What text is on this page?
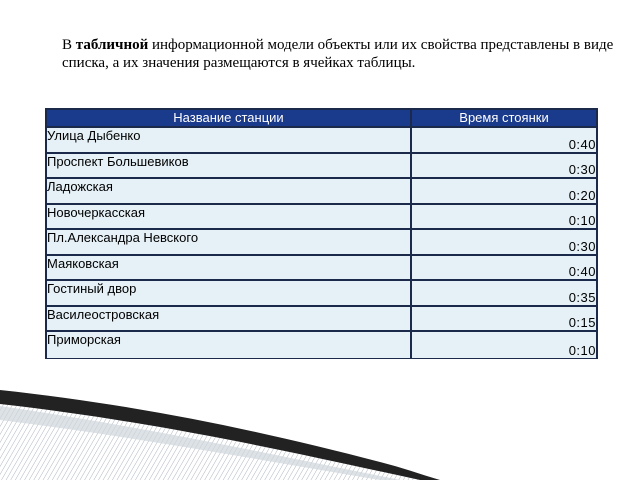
В табличной информационной модели объекты или их свойства представлены в виде списка, а их значения размещаются в ячейках таблицы.

Название станции	Время стоянки
Улица Дыбенко	0:40
Проспект Большевиков	0:30
Ладожская	0:20
Новочеркасская	0:10
Пл.Александра Невского	0:30
Маяковская	0:40
Гостиный двор	0:35
Василеостровская	0:15
Приморская	0:10
